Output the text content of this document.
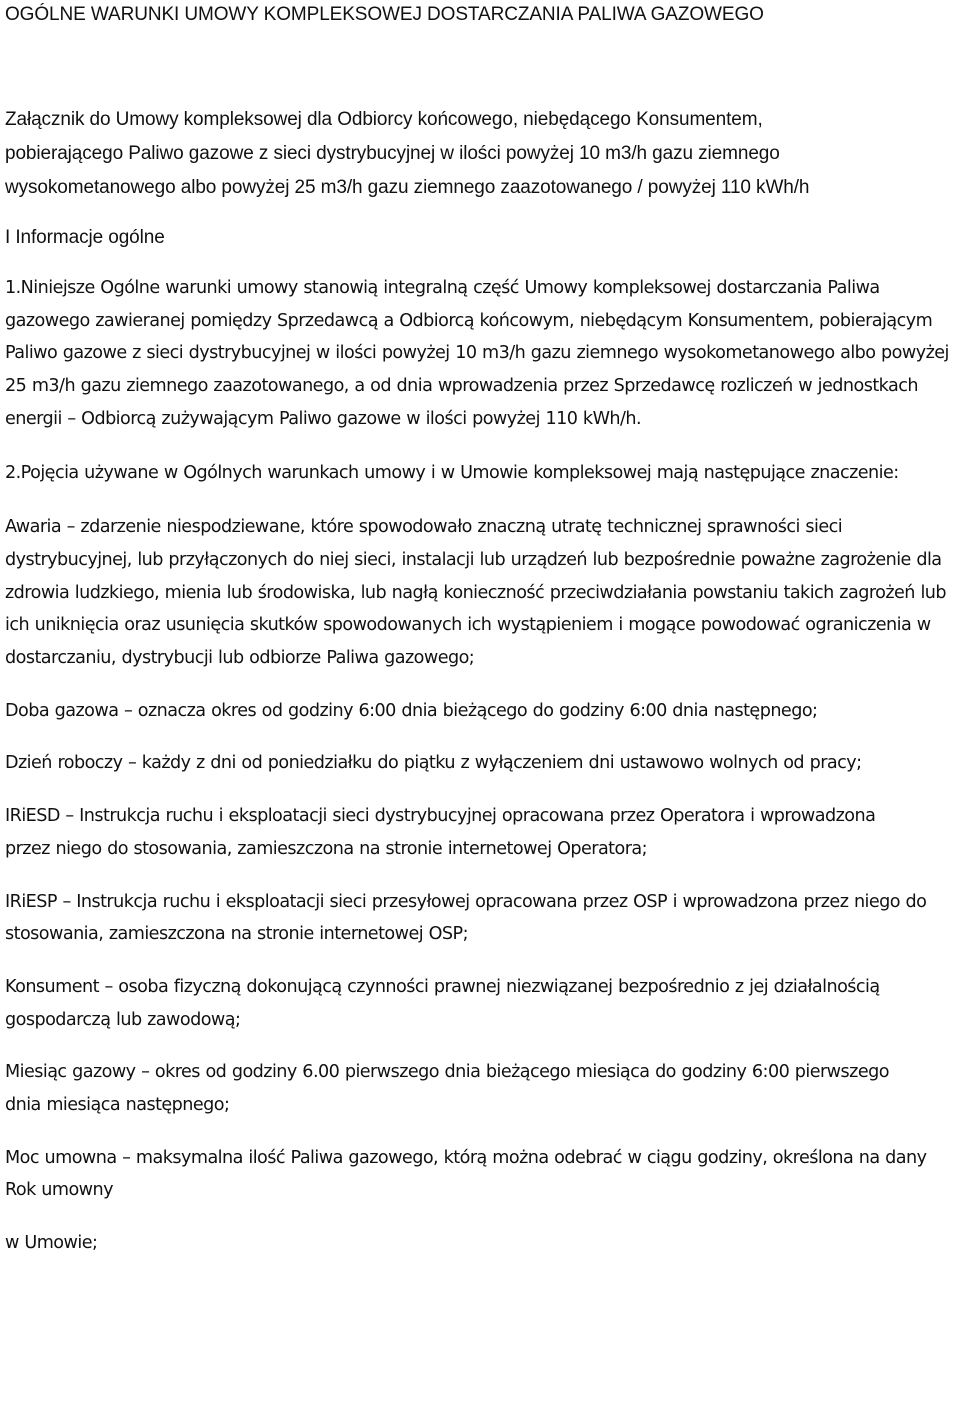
OGÓLNE WARUNKI UMOWY KOMPLEKSOWEJ DOSTARCZANIA PALIWA GAZOWEGO

Załącznik do Umowy kompleksowej dla Odbiorcy końcowego, niebędącego Konsumentem, pobierającego Paliwo gazowe z sieci dystrybucyjnej w ilości powyżej 10 m3/h gazu ziemnego wysokometanowego albo powyżej 25 m3/h gazu ziemnego zaazotowanego / powyżej 110 kWh/h

I Informacje ogólne

1.Niniejsze Ogólne warunki umowy stanowią integralną część Umowy kompleksowej dostarczania Paliwa gazowego zawieranej pomiędzy Sprzedawcą a Odbiorcą końcowym, niebędącym Konsumentem, pobierającym Paliwo gazowe z sieci dystrybucyjnej w ilości powyżej 10 m3/h gazu ziemnego wysokometanowego albo powyżej 25 m3/h gazu ziemnego zaazotowanego, a od dnia wprowadzenia przez Sprzedawcę rozliczeń w jednostkach energii – Odbiorcą zużywającym Paliwo gazowe w ilości powyżej 110 kWh/h.

2.Pojęcia używane w Ogólnych warunkach umowy i w Umowie kompleksowej mają następujące znaczenie:

Awaria – zdarzenie niespodziewane, które spowodowało znaczną utratę technicznej sprawności sieci dystrybucyjnej, lub przyłączonych do niej sieci, instalacji lub urządzeń lub bezpośrednie poważne zagrożenie dla zdrowia ludzkiego, mienia lub środowiska, lub nagłą konieczność przeciwdziałania powstaniu takich zagrożeń lub ich uniknięcia oraz usunięcia skutków spowodowanych ich wystąpieniem i mogące powodować ograniczenia w dostarczaniu, dystrybucji lub odbiorze Paliwa gazowego;

Doba gazowa – oznacza okres od godziny 6:00 dnia bieżącego do godziny 6:00 dnia następnego;

Dzień roboczy – każdy z dni od poniedziałku do piątku z wyłączeniem dni ustawowo wolnych od pracy;

IRiESD – Instrukcja ruchu i eksploatacji sieci dystrybucyjnej opracowana przez Operatora i wprowadzona przez niego do stosowania, zamieszczona na stronie internetowej Operatora;

IRiESP – Instrukcja ruchu i eksploatacji sieci przesyłowej opracowana przez OSP i wprowadzona przez niego do stosowania, zamieszczona na stronie internetowej OSP;

Konsument – osoba fizyczną dokonującą czynności prawnej niezwiązanej bezpośrednio z jej działalnością gospodarczą lub zawodową;

Miesiąc gazowy – okres od godziny 6.00 pierwszego dnia bieżącego miesiąca do godziny 6:00 pierwszego dnia miesiąca następnego;

Moc umowna – maksymalna ilość Paliwa gazowego, którą można odebrać w ciągu godziny, określona na dany Rok umowny

w Umowie;
